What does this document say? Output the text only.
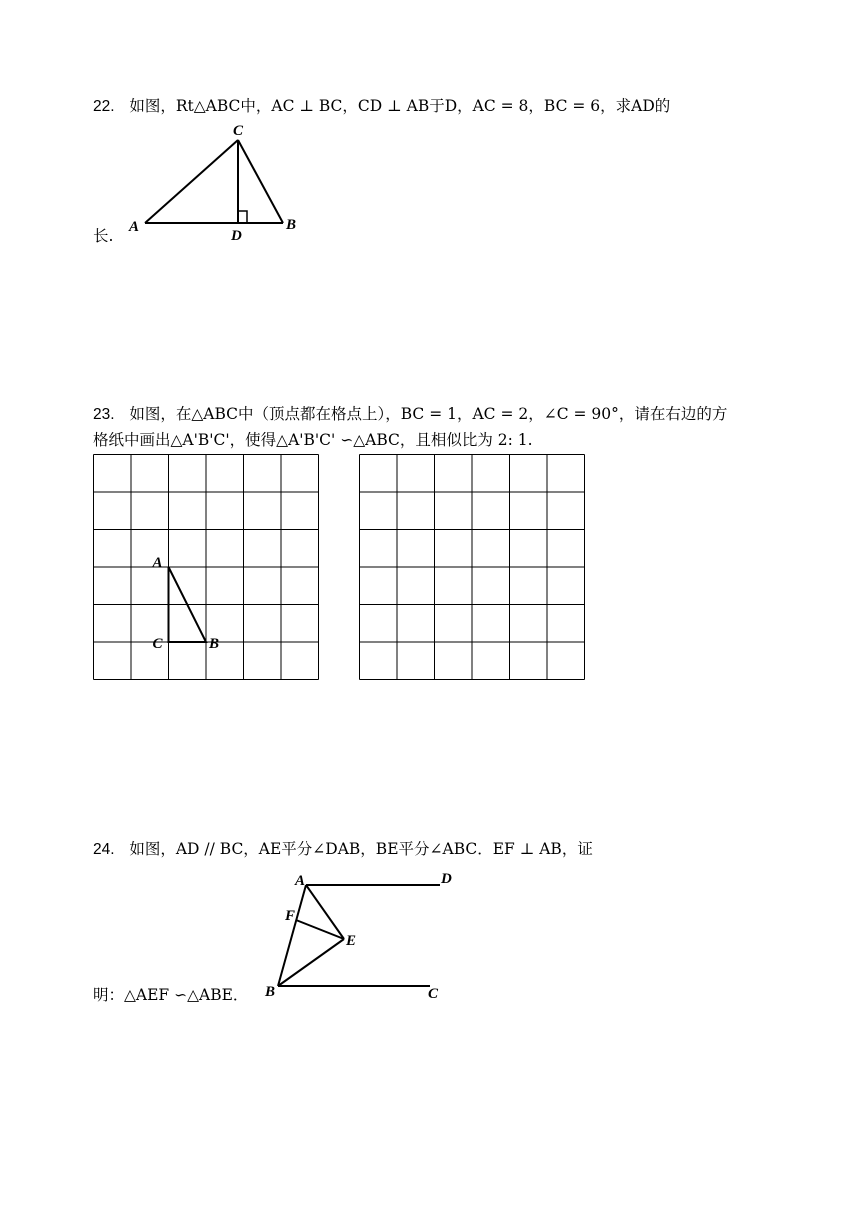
22. 如图，Rt△ABC中，AC ⊥ BC，CD ⊥ AB于D，AC = 8，BC = 6，求AD的
C
A
D
B
长.
23. 如图，在△ABC中（顶点都在格点上），BC = 1，AC = 2，∠C = 90°，请在右边的方
格纸中画出△A'B'C'，使得△A'B'C' ∽△ABC，且相似比为 2: 1.
A
C	B
24. 如图，AD // BC，AE平分∠DAB，BE平分∠ABC．EF ⊥ AB，证
A	D
F
E
B	C
明：△AEF ∽△ABE．
